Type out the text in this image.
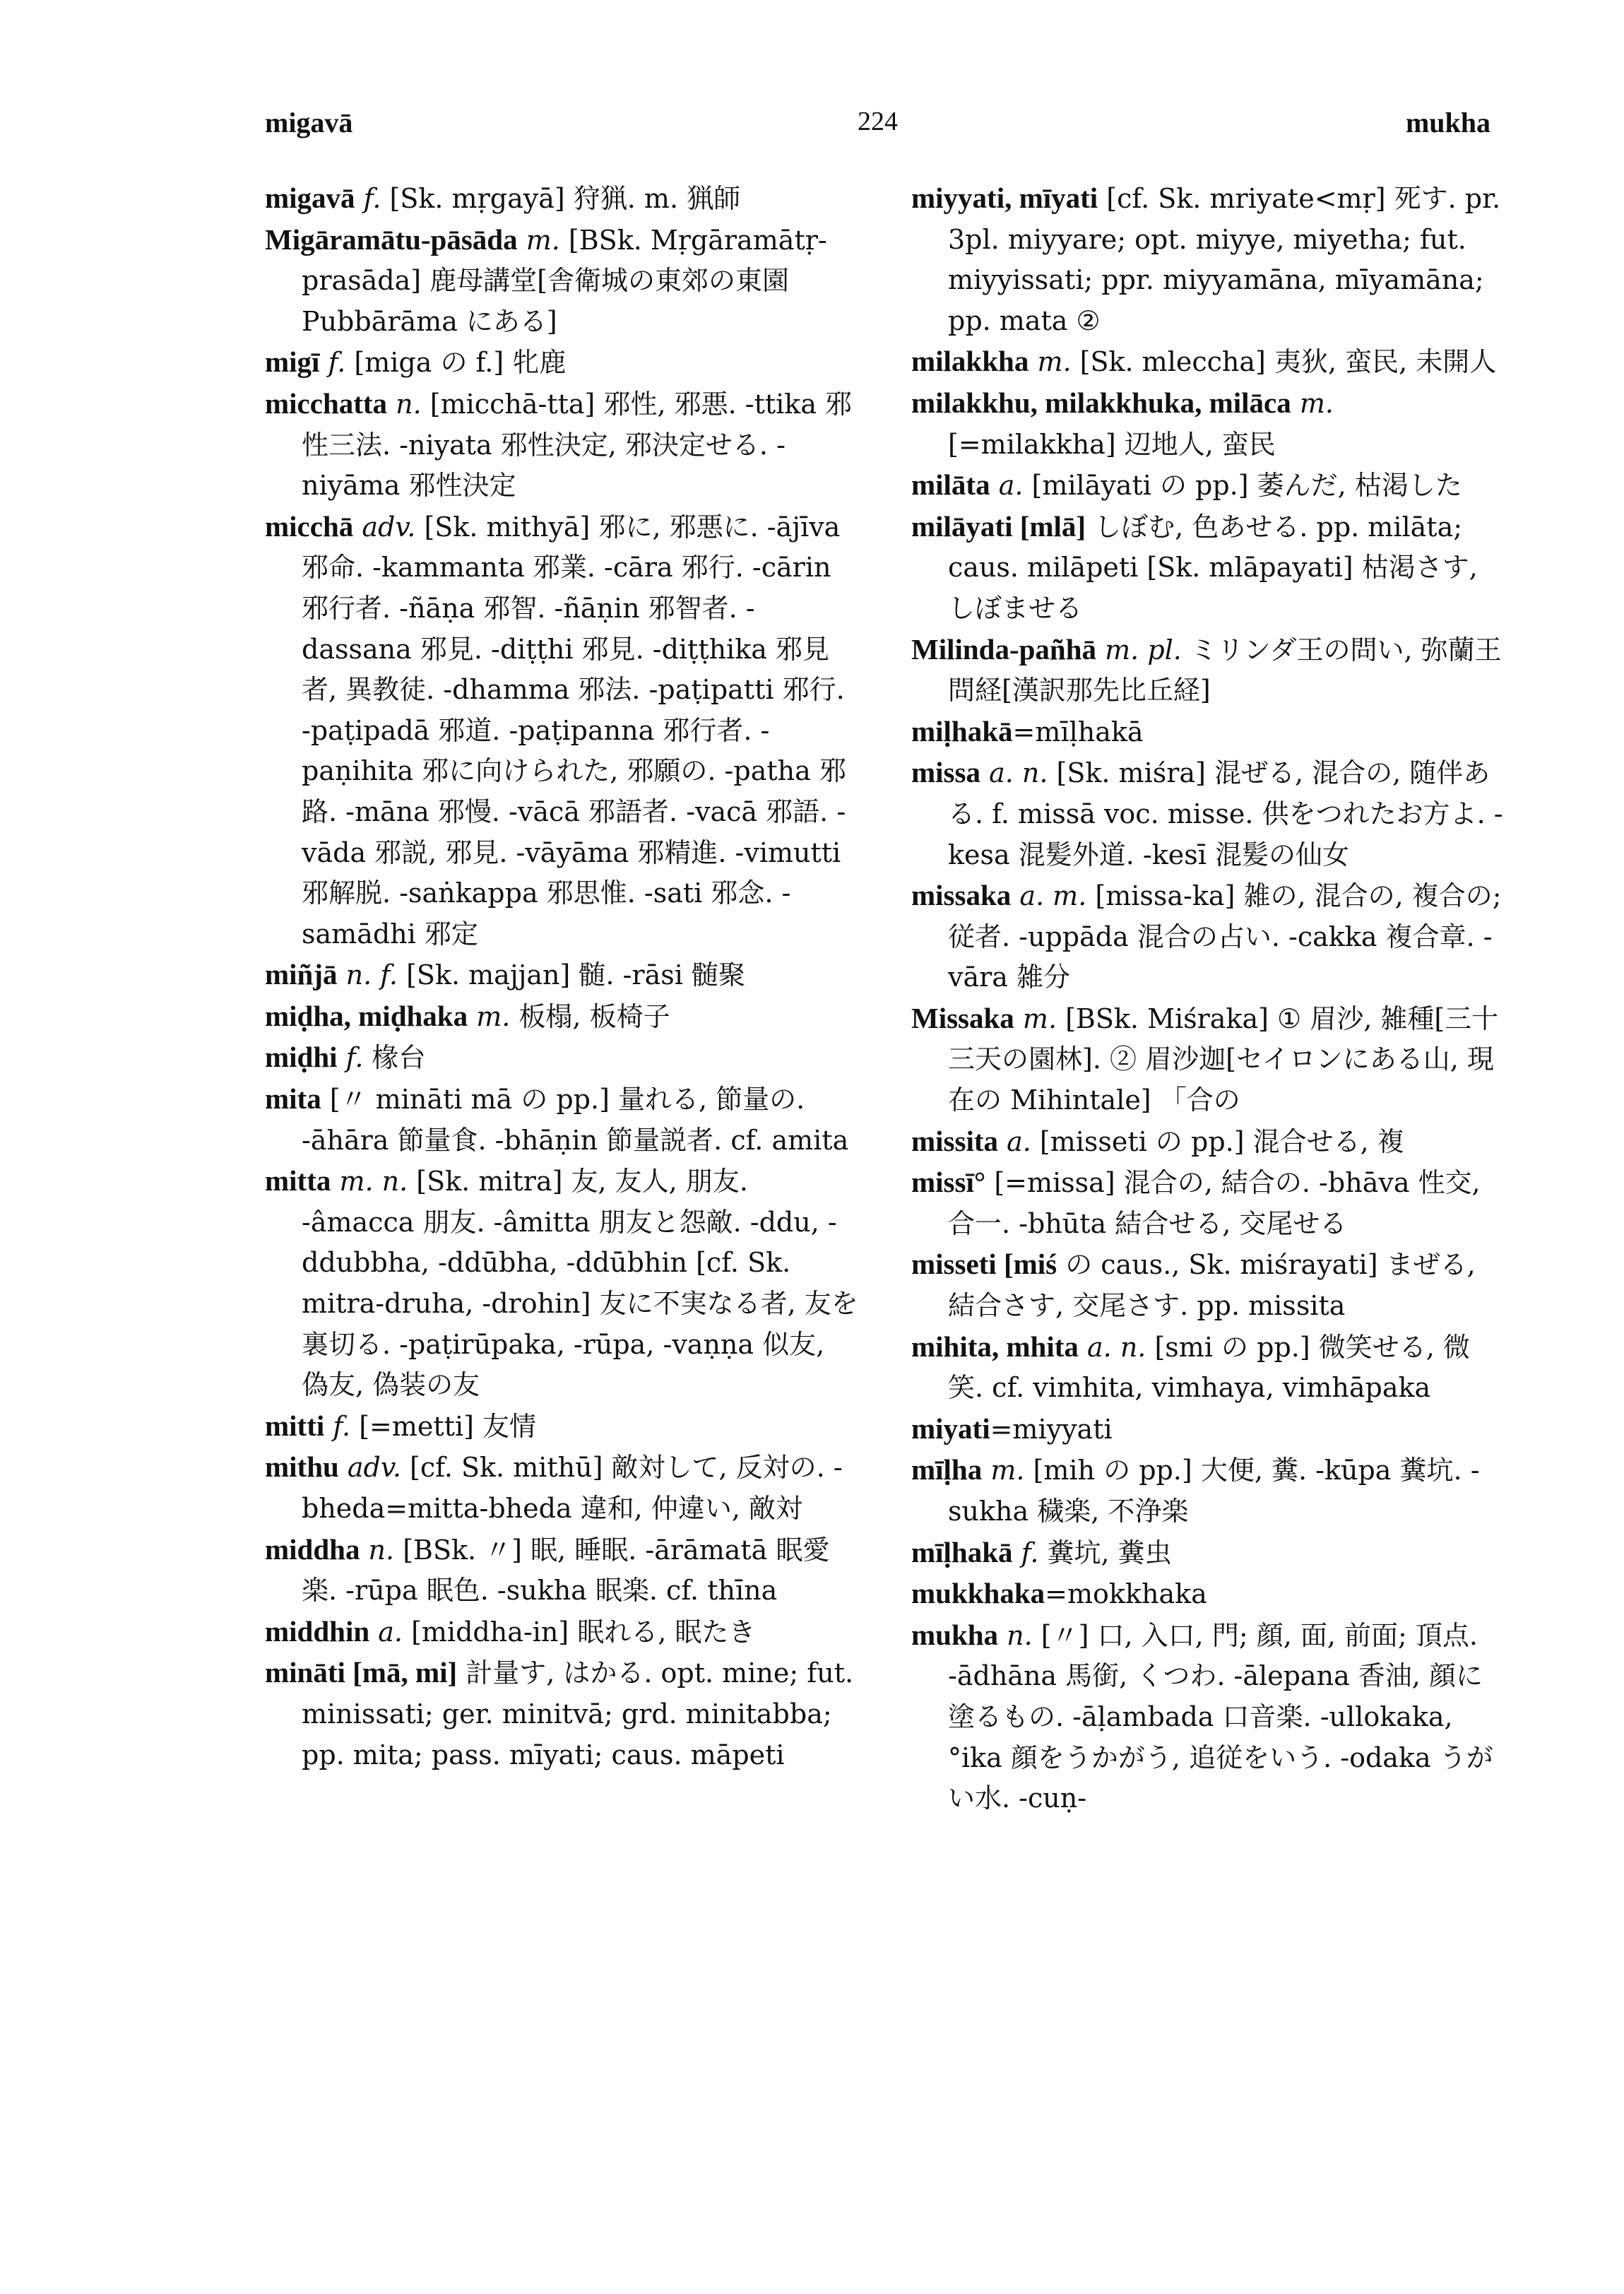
migavā	224	mukha

migavā f. [Sk. mṛgayā] 狩猟. m. 猟師

Migāramātu-pāsāda m. [BSk. Mṛgāramātṛ-prasāda] 鹿母講堂[舎衛城の東郊の東園 Pubbārāma にある]

migī f. [miga の f.] 牝鹿

micchatta n. [micchā-tta] 邪性, 邪悪. -ttika 邪性三法. -niyata 邪性決定, 邪決定せる. -niyāma 邪性決定

micchā adv. [Sk. mithyā] 邪に, 邪悪に. -ājīva 邪命. -kammanta 邪業. -cāra 邪行. -cārin 邪行者. -ñāṇa 邪智. -ñāṇin 邪智者. -dassana 邪見. -diṭṭhi 邪見. -diṭṭhika 邪見者, 異教徒. -dhamma 邪法. -paṭipatti 邪行. -paṭipadā 邪道. -paṭipanna 邪行者. -paṇihita 邪に向けられた, 邪願の. -patha 邪路. -māna 邪慢. -vācā 邪語者. -vacā 邪語. -vāda 邪説, 邪見. -vāyāma 邪精進. -vimutti 邪解脱. -saṅkappa 邪思惟. -sati 邪念. -samādhi 邪定

miñjā n. f. [Sk. majjan] 髄. -rāsi 髄聚

miḍha, miḍhaka m. 板榻, 板椅子

miḍhi f. 椽台

mita [〃 mināti mā の pp.] 量れる, 節量の. -āhāra 節量食. -bhāṇin 節量説者. cf. amita

mitta m. n. [Sk. mitra] 友, 友人, 朋友. -âmacca 朋友. -âmitta 朋友と怨敵. -ddu, -ddubbha, -ddūbha, -ddūbhin [cf. Sk. mitra-druha, -drohin] 友に不実なる者, 友を裏切る. -paṭirūpaka, -rūpa, -vaṇṇa 似友, 偽友, 偽装の友

mitti f. [=metti] 友情

mithu adv. [cf. Sk. mithū] 敵対して, 反対の. -bheda=mitta-bheda 違和, 仲違い, 敵対

middha n. [BSk. 〃] 眠, 睡眠. -ārāmatā 眠愛楽. -rūpa 眠色. -sukha 眠楽. cf. thīna

middhin a. [middha-in] 眠れる, 眠たき

mināti [mā, mi] 計量す, はかる. opt. mine; fut. minissati; ger. minitvā; grd. minitabba; pp. mita; pass. mīyati; caus. māpeti

miyyati, mīyati [cf. Sk. mriyate<mṛ] 死す. pr. 3pl. miyyare; opt. miyye, miyetha; fut. miyyissati; ppr. miyyamāna, mīyamāna; pp. mata ②

milakkha m. [Sk. mleccha] 夷狄, 蛮民, 未開人

milakkhu, milakkhuka, milāca m. [=milakkha] 辺地人, 蛮民

milāta a. [milāyati の pp.] 萎んだ, 枯渇した

milāyati [mlā] しぼむ, 色あせる. pp. milāta; caus. milāpeti [Sk. mlāpayati] 枯渇さす, しぼませる

Milinda-pañhā m. pl. ミリンダ王の問い, 弥蘭王問経[漢訳那先比丘経]

miḷhakā=mīḷhakā

missa a. n. [Sk. miśra] 混ぜる, 混合の, 随伴ある. f. missā voc. misse. 供をつれたお方よ. -kesa 混髪外道. -kesī 混髪の仙女

missaka a. m. [missa-ka] 雑の, 混合の, 複合の; 従者. -uppāda 混合の占い. -cakka 複合章. -vāra 雑分

Missaka m. [BSk. Miśraka] ① 眉沙, 雑種[三十三天の園林]. ② 眉沙迦[セイロンにある山, 現在の Mihintale] 「合の

missita a. [misseti の pp.] 混合せる, 複

missī° [=missa] 混合の, 結合の. -bhāva 性交, 合一. -bhūta 結合せる, 交尾せる

misseti [miś の caus., Sk. miśrayati] まぜる, 結合さす, 交尾さす. pp. missita

mihita, mhita a. n. [smi の pp.] 微笑せる, 微笑. cf. vimhita, vimhaya, vimhāpaka

miyati=miyyati

mīḷha m. [mih の pp.] 大便, 糞. -kūpa 糞坑. -sukha 穢楽, 不浄楽

mīḷhakā f. 糞坑, 糞虫

mukkhaka=mokkhaka

mukha n. [〃] 口, 入口, 門; 顔, 面, 前面; 頂点. -ādhāna 馬銜, くつわ. -ālepana 香油, 顔に塗るもの. -āḷambada 口音楽. -ullokaka, °ika 顔をうかがう, 追従をいう. -odaka うがい水. -cuṇ-
